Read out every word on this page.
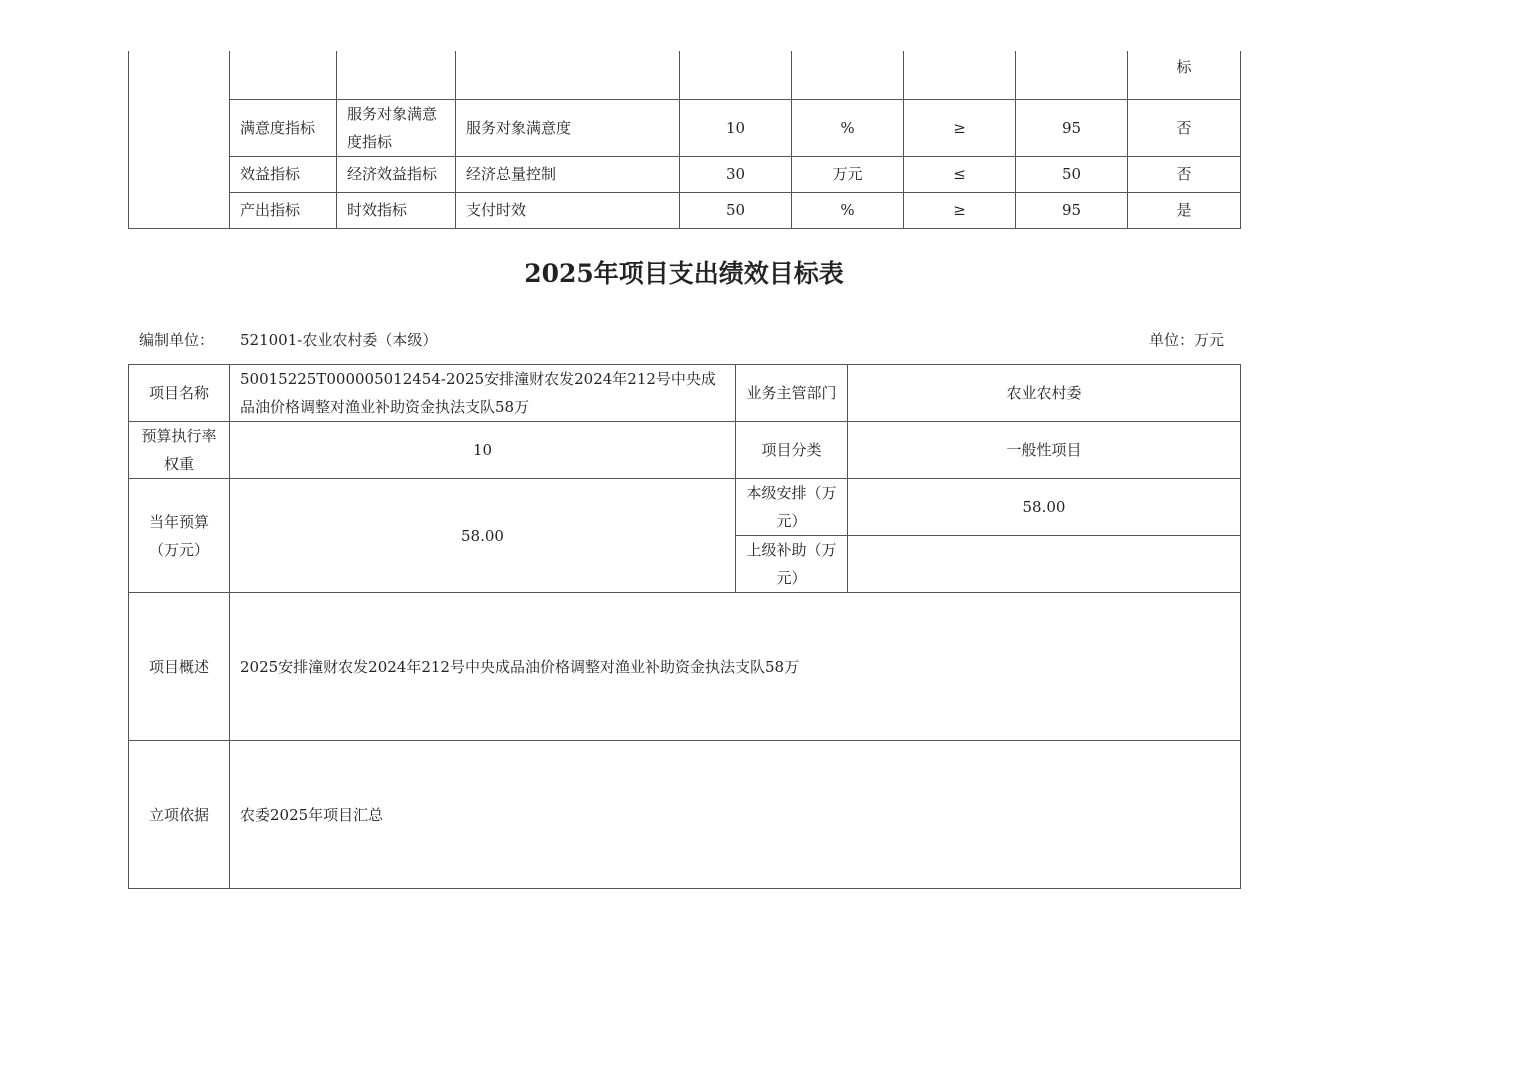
								标
	满意度指标	服务对象满意度指标	服务对象满意度	10	%	≥	95	否
	效益指标	经济效益指标	经济总量控制	30	万元	≤	50	否
	产出指标	时效指标	支付时效	50	%	≥	95	是
2025年项目支出绩效目标表
编制单位： 521001-农业农村委（本级）	单位：万元
项目名称	50015225T000005012454-2025安排潼财农发2024年212号中央成品油价格调整对渔业补助资金执法支队58万	业务主管部门	农业农村委
预算执行率权重	10	项目分类	一般性项目
当年预算（万元）	58.00	本级安排（万元）	58.00
		上级补助（万元）	
项目概述	2025安排潼财农发2024年212号中央成品油价格调整对渔业补助资金执法支队58万		
立项依据	农委2025年项目汇总		
